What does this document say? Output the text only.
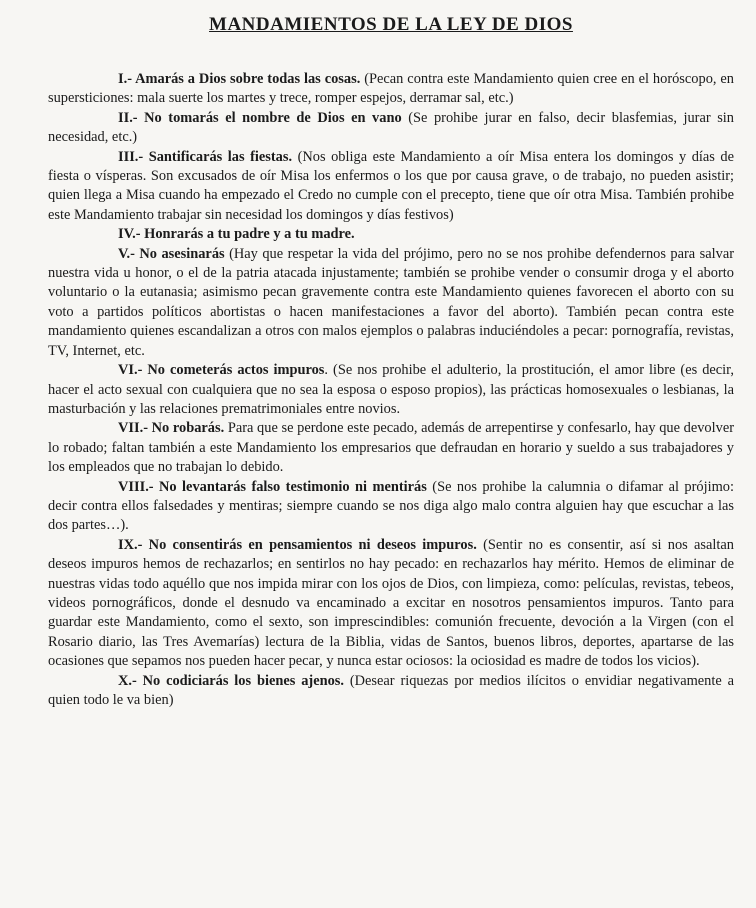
MANDAMIENTOS DE LA LEY DE DIOS

I.- Amarás a Dios sobre todas las cosas. (Pecan contra este Mandamiento quien cree en el horóscopo, en supersticiones: mala suerte los martes y trece, romper espejos, derramar sal, etc.)

II.- No tomarás el nombre de Dios en vano (Se prohibe jurar en falso, decir blasfemias, jurar sin necesidad, etc.)

III.- Santificarás las fiestas. (Nos obliga este Mandamiento a oír Misa entera los domingos y días de fiesta o vísperas. Son excusados de oír Misa los enfermos o los que por causa grave, o de trabajo, no pueden asistir; quien llega a Misa cuando ha empezado el Credo no cumple con el precepto, tiene que oír otra Misa. También prohibe este Mandamiento trabajar sin necesidad los domingos y días festivos)

IV.- Honrarás a tu padre y a tu madre.

V.- No asesinarás (Hay que respetar la vida del prójimo, pero no se nos prohibe defendernos para salvar nuestra vida u honor, o el de la patria atacada injustamente; también se prohibe vender o consumir droga y el aborto voluntario o la eutanasia; asimismo pecan gravemente contra este Mandamiento quienes favorecen el aborto con su voto a partidos políticos abortistas o hacen manifestaciones a favor del aborto). También pecan contra este mandamiento quienes escandalizan a otros con malos ejemplos o palabras induciéndoles a pecar: pornografía, revistas, TV, Internet, etc.

VI.- No cometerás actos impuros. (Se nos prohibe el adulterio, la prostitución, el amor libre (es decir, hacer el acto sexual con cualquiera que no sea la esposa o esposo propios), las prácticas homosexuales o lesbianas, la masturbación y las relaciones prematrimoniales entre novios.

VII.- No robarás. Para que se perdone este pecado, además de arrepentirse y confesarlo, hay que devolver lo robado; faltan también a este Mandamiento los empresarios que defraudan en horario y sueldo a sus trabajadores y los empleados que no trabajan lo debido.

VIII.- No levantarás falso testimonio ni mentirás (Se nos prohibe la calumnia o difamar al prójimo: decir contra ellos falsedades y mentiras; siempre cuando se nos diga algo malo contra alguien hay que escuchar a las dos partes…).

IX.- No consentirás en pensamientos ni deseos impuros. (Sentir no es consentir, así si nos asaltan deseos impuros hemos de rechazarlos; en sentirlos no hay pecado: en rechazarlos hay mérito. Hemos de eliminar de nuestras vidas todo aquéllo que nos impida mirar con los ojos de Dios, con limpieza, como: películas, revistas, tebeos, videos pornográficos, donde el desnudo va encaminado a excitar en nosotros pensamientos impuros. Tanto para guardar este Mandamiento, como el sexto, son imprescindibles: comunión frecuente, devoción a la Virgen (con el Rosario diario, las Tres Avemarías) lectura de la Biblia, vidas de Santos, buenos libros, deportes, apartarse de las ocasiones que sepamos nos pueden hacer pecar, y nunca estar ociosos: la ociosidad es madre de todos los vicios).

X.- No codiciarás los bienes ajenos. (Desear riquezas por medios ilícitos o envidiar negativamente a quien todo le va bien)
